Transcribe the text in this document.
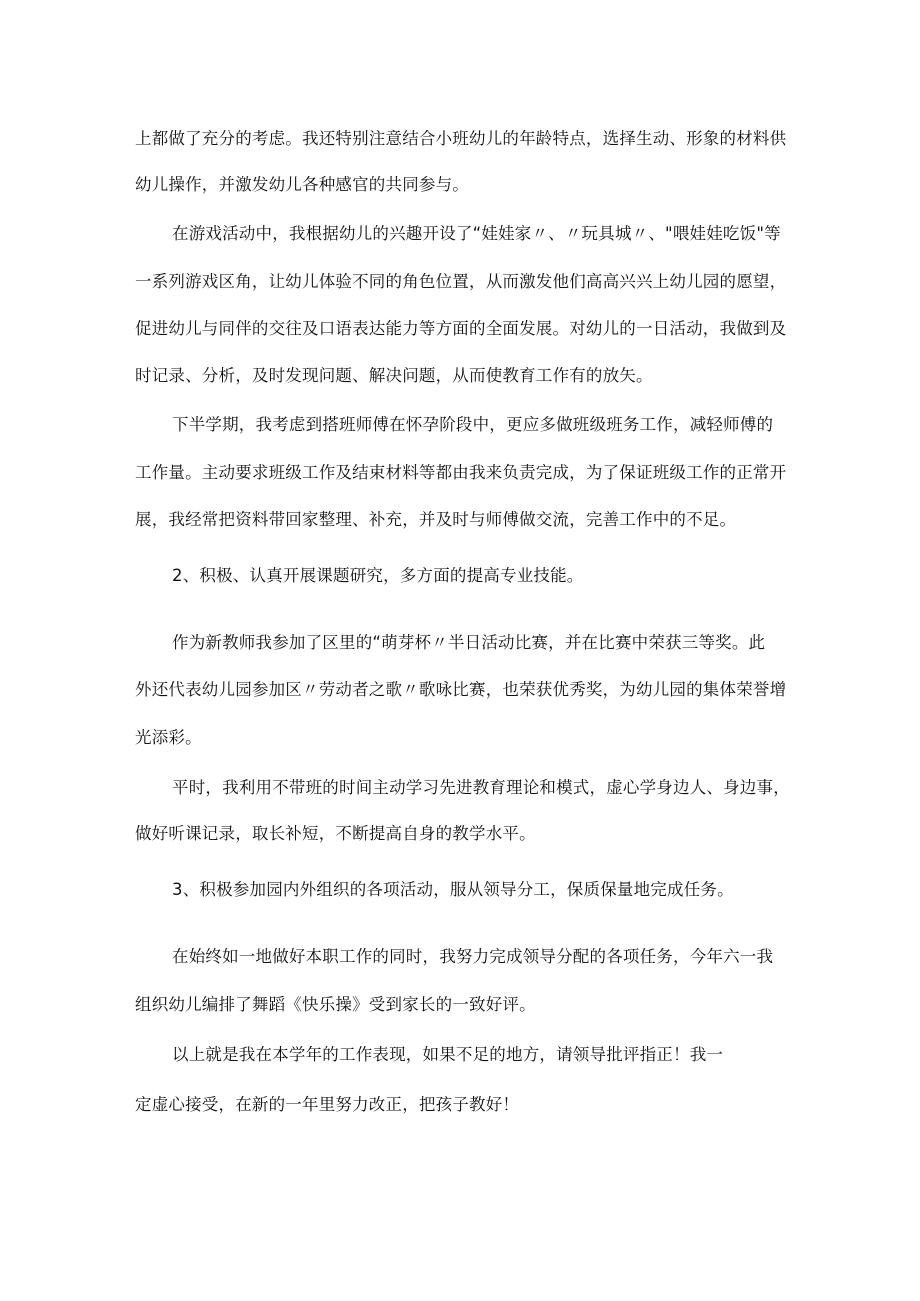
上都做了充分的考虑。我还特别注意结合小班幼儿的年龄特点，选择生动、形象的材料供
幼儿操作，并激发幼儿各种感官的共同参与。
在游戏活动中，我根据幼儿的兴趣开设了“娃娃家〃、〃玩具城〃、"喂娃娃吃饭"等
一系列游戏区角，让幼儿体验不同的角色位置，从而激发他们高高兴兴上幼儿园的愿望，
促进幼儿与同伴的交往及口语表达能力等方面的全面发展。对幼儿的一日活动，我做到及
时记录、分析，及时发现问题、解决问题，从而使教育工作有的放矢。
下半学期，我考虑到搭班师傅在怀孕阶段中，更应多做班级班务工作，减轻师傅的
工作量。主动要求班级工作及结束材料等都由我来负责完成，为了保证班级工作的正常开
展，我经常把资料带回家整理、补充，并及时与师傅做交流，完善工作中的不足。
2、积极、认真开展课题研究，多方面的提高专业技能。
作为新教师我参加了区里的“萌芽杯〃半日活动比赛，并在比赛中荣获三等奖。此
外还代表幼儿园参加区〃劳动者之歌〃歌咏比赛，也荣获优秀奖，为幼儿园的集体荣誉增
光添彩。
平时，我利用不带班的时间主动学习先进教育理论和模式，虚心学身边人、身边事，
做好听课记录，取长补短，不断提高自身的教学水平。
3、积极参加园内外组织的各项活动，服从领导分工，保质保量地完成任务。
在始终如一地做好本职工作的同时，我努力完成领导分配的各项任务，今年六一我
组织幼儿编排了舞蹈《快乐操》受到家长的一致好评。
以上就是我在本学年的工作表现，如果不足的地方，请领导批评指正！我一
定虚心接受，在新的一年里努力改正，把孩子教好！
